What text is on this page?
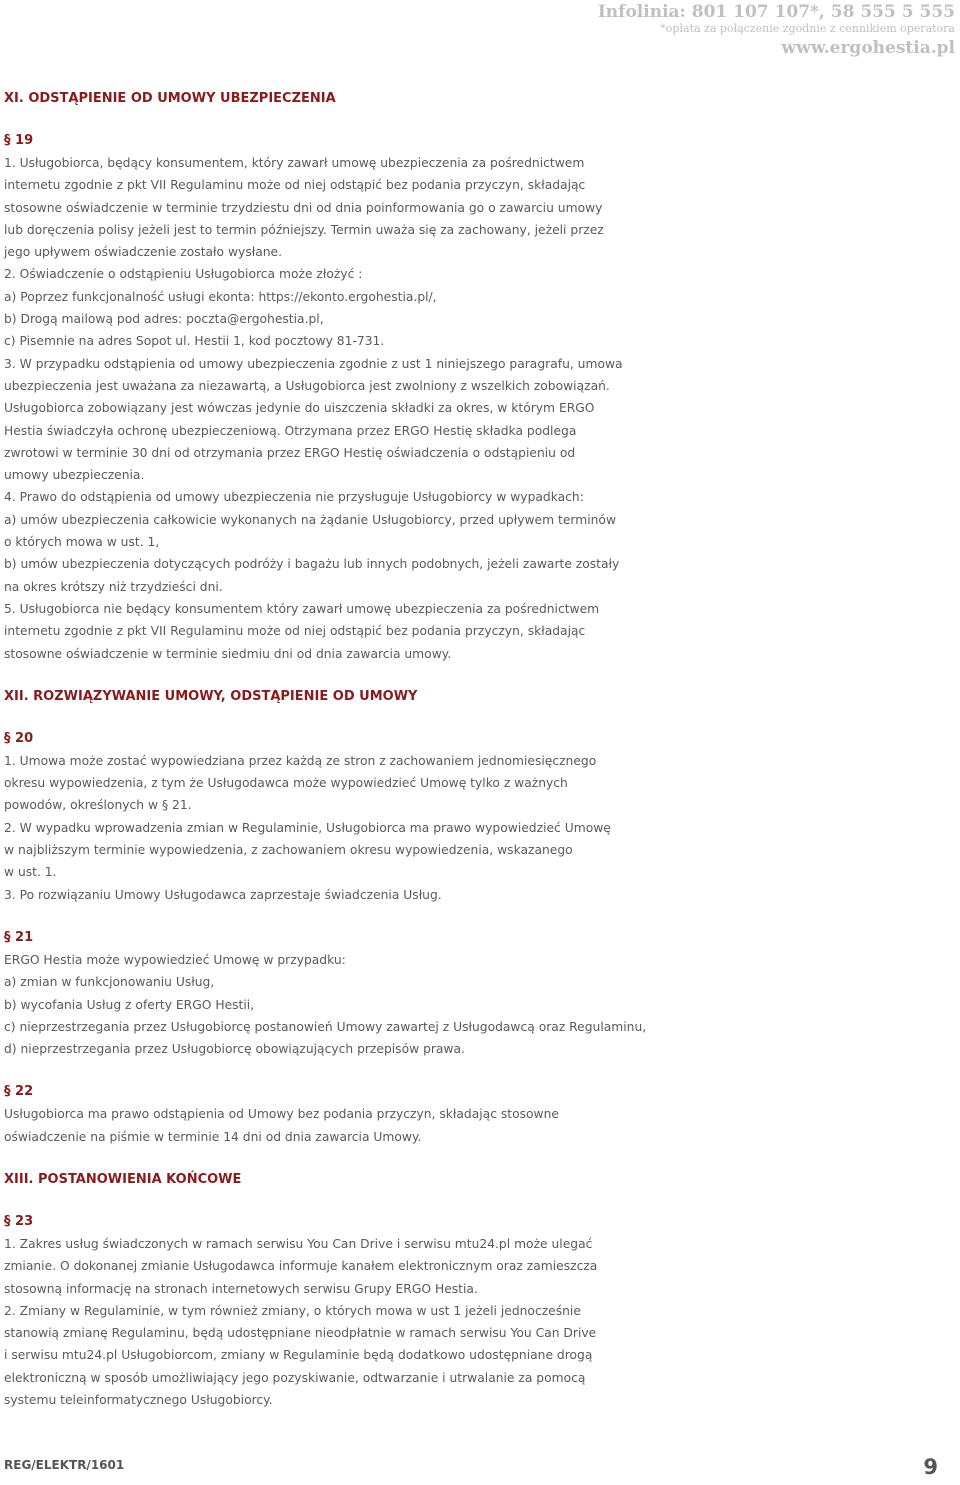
Infolinia: 801 107 107*, 58 555 5 555
*opłata za połączenie zgodnie z cennikiem operatora
www.ergohestia.pl
XI. ODSTĄPIENIE OD UMOWY UBEZPIECZENIA
§ 19
1. Usługobiorca, będący konsumentem, który zawarł umowę ubezpieczenia za pośrednictwem
internetu zgodnie z pkt VII Regulaminu może od niej odstąpić bez podania przyczyn, składając
stosowne oświadczenie w terminie trzydziestu dni od dnia poinformowania go o zawarciu umowy
lub doręczenia polisy jeżeli jest to termin późniejszy. Termin uważa się za zachowany, jeżeli przez
jego upływem oświadczenie zostało wysłane.
2. Oświadczenie o odstąpieniu Usługobiorca może złożyć :
a) Poprzez funkcjonalność usługi ekonta: https://ekonto.ergohestia.pl/,
b) Drogą mailową pod adres: poczta@ergohestia.pl,
c) Pisemnie na adres Sopot ul. Hestii 1, kod pocztowy 81-731.
3. W przypadku odstąpienia od umowy ubezpieczenia zgodnie z ust 1 niniejszego paragrafu, umowa
ubezpieczenia jest uważana za niezawartą, a Usługobiorca jest zwolniony z wszelkich zobowiązań.
Usługobiorca zobowiązany jest wówczas jedynie do uiszczenia składki za okres, w którym ERGO
Hestia świadczyła ochronę ubezpieczeniową. Otrzymana przez ERGO Hestię składka podlega
zwrotowi w terminie 30 dni od otrzymania przez ERGO Hestię oświadczenia o odstąpieniu od
umowy ubezpieczenia.
4. Prawo do odstąpienia od umowy ubezpieczenia nie przysługuje Usługobiorcy w wypadkach:
a) umów ubezpieczenia całkowicie wykonanych na żądanie Usługobiorcy, przed upływem terminów
o których mowa w ust. 1,
b) umów ubezpieczenia dotyczących podróży i bagażu lub innych podobnych, jeżeli zawarte zostały
na okres krótszy niż trzydzieści dni.
5. Usługobiorca nie będący konsumentem który zawarł umowę ubezpieczenia za pośrednictwem
internetu zgodnie z pkt VII Regulaminu może od niej odstąpić bez podania przyczyn, składając
stosowne oświadczenie w terminie siedmiu dni od dnia zawarcia umowy.
XII. ROZWIĄZYWANIE UMOWY, ODSTĄPIENIE OD UMOWY
§ 20
1. Umowa może zostać wypowiedziana przez każdą ze stron z zachowaniem jednomiesięcznego
okresu wypowiedzenia, z tym że Usługodawca może wypowiedzieć Umowę tylko z ważnych
powodów, określonych w § 21.
2. W wypadku wprowadzenia zmian w Regulaminie, Usługobiorca ma prawo wypowiedzieć Umowę
w najbliższym terminie wypowiedzenia, z zachowaniem okresu wypowiedzenia, wskazanego
w ust. 1.
3. Po rozwiązaniu Umowy Usługodawca zaprzestaje świadczenia Usług.
§ 21
ERGO Hestia może wypowiedzieć Umowę w przypadku:
a) zmian w funkcjonowaniu Usług,
b) wycofania Usług z oferty ERGO Hestii,
c) nieprzestrzegania przez Usługobiorcę postanowień Umowy zawartej z Usługodawcą oraz Regulaminu,
d) nieprzestrzegania przez Usługobiorcę obowiązujących przepisów prawa.
§ 22
Usługobiorca ma prawo odstąpienia od Umowy bez podania przyczyn, składając stosowne
oświadczenie na piśmie w terminie 14 dni od dnia zawarcia Umowy.
XIII. POSTANOWIENIA KOŃCOWE
§ 23
1. Zakres usług świadczonych w ramach serwisu You Can Drive i serwisu mtu24.pl może ulegać
zmianie. O dokonanej zmianie Usługodawca informuje kanałem elektronicznym oraz zamieszcza
stosowną informację na stronach internetowych serwisu Grupy ERGO Hestia.
2. Zmiany w Regulaminie, w tym również zmiany, o których mowa w ust 1 jeżeli jednocześnie
stanowią zmianę Regulaminu, będą udostępniane nieodpłatnie w ramach serwisu You Can Drive
i serwisu mtu24.pl Usługobiorcom, zmiany w Regulaminie będą dodatkowo udostępniane drogą
elektroniczną w sposób umożliwiający jego pozyskiwanie, odtwarzanie i utrwalanie za pomocą
systemu teleinformatycznego Usługobiorcy.
REG/ELEKTR/1601	9
